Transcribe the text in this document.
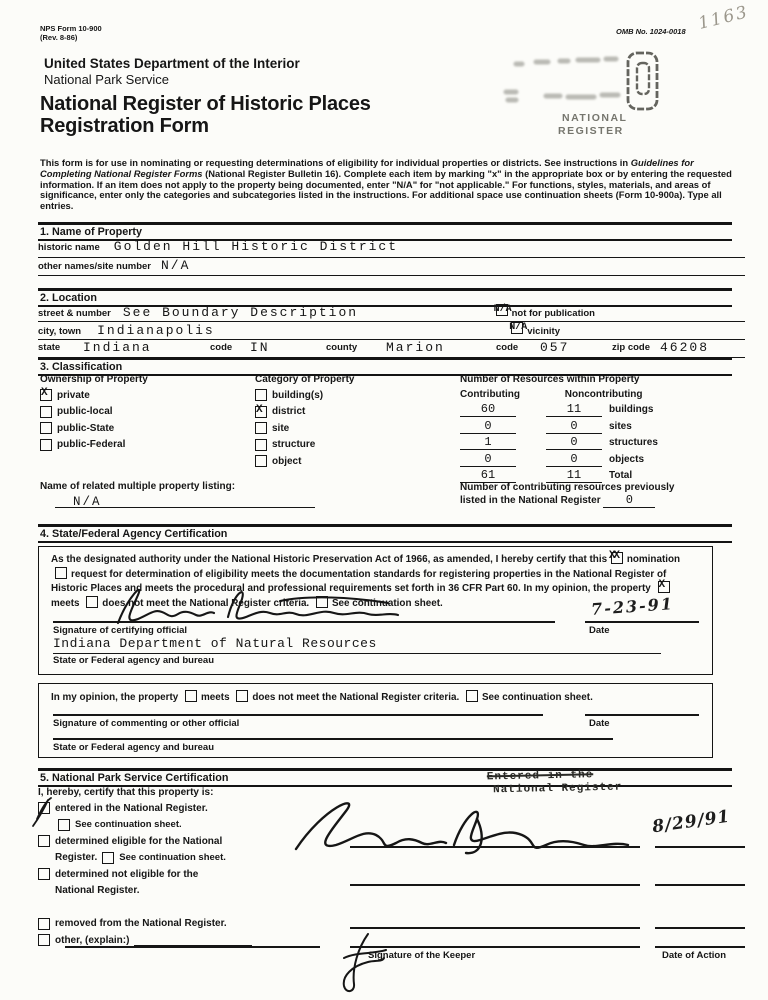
NPS Form 10-900
(Rev. 8-86)
OMB No. 1024-0018 1163
United States Department of the Interior
National Park Service
National Register of Historic Places
Registration Form	NATIONAL
REGISTER
This form is for use in nominating or requesting determinations of eligibility for individual properties or districts. See instructions in Guidelines for Completing National Register Forms (National Register Bulletin 16). Complete each item by marking "x" in the appropriate box or by entering the requested information. If an item does not apply to the property being documented, enter "N/A" for "not applicable." For functions, styles, materials, and areas of significance, enter only the categories and subcategories listed in the instructions. For additional space use continuation sheets (Form 10-900a). Type all entries.
1. Name of Property
historic name Golden Hill Historic District
other names/site number N/A
2. Location
street & number See Boundary Description	N/A not for publication
city, town Indianapolis	N/A vicinity
state Indiana	code IN	county Marion	code 057	zip code 46208
3. Classification
Ownership of Property
X private
public-local
public-State
public-Federal
Category of Property
building(s)
X district
site
structure
object
Number of Resources within Property
Contributing	Noncontributing
60	11	buildings
0	0	sites
1	0	structures
0	0	objects
61	11	Total
Name of related multiple property listing:
N/A
Number of contributing resources previously
listed in the National Register 0
4. State/Federal Agency Certification
As the designated authority under the National Historic Preservation Act of 1966, as amended, I hereby certify that this XX nomination request for determination of eligibility meets the documentation standards for registering properties in the National Register of Historic Places and meets the procedural and professional requirements set forth in 36 CFR Part 60. In my opinion, the property X
meets does not meet the National Register criteria. See continuation sheet.	7-23-91
Signature of certifying official	Date
Indiana Department of Natural Resources
State or Federal agency and bureau
In my opinion, the property meets does not meet the National Register criteria. See continuation sheet.
Signature of commenting or other official	Date
State or Federal agency and bureau
5. National Park Service Certification	Entered in the
National Register
I, hereby, certify that this property is:
entered in the National Register.
See continuation sheet.
determined eligible for the National
Register. See continuation sheet.
determined not eligible for the
National Register.
removed from the National Register.
other, (explain:)
8/29/91
Signature of the Keeper	Date of Action
